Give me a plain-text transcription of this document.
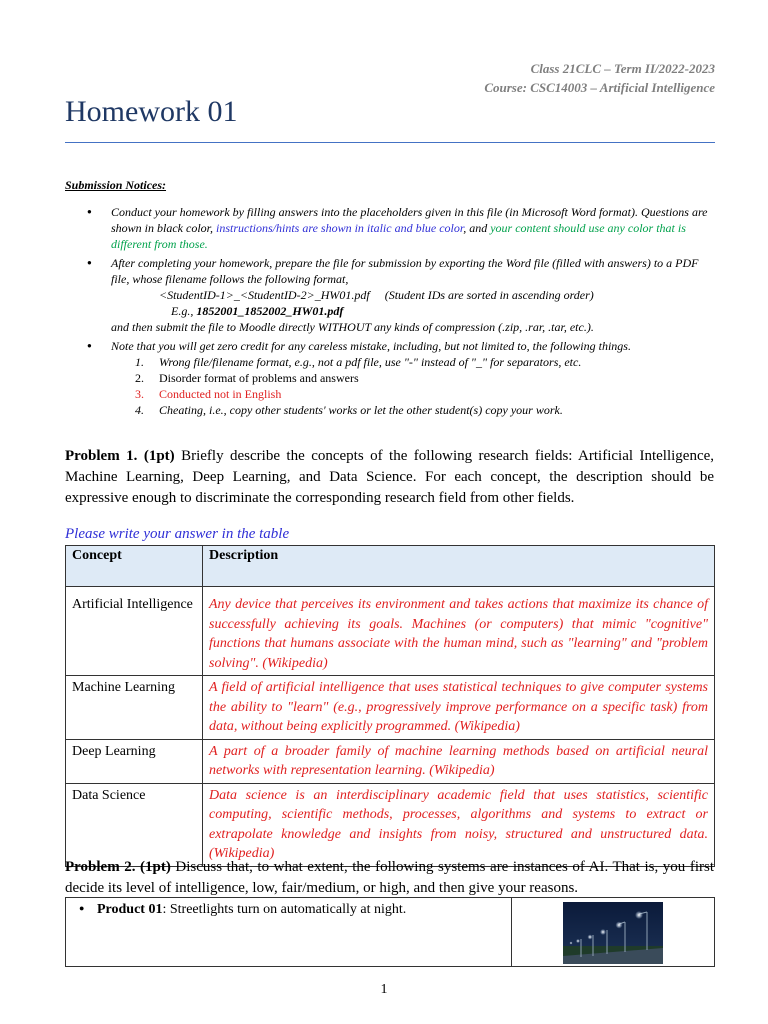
Class 21CLC – Term II/2022-2023
Course: CSC14003 – Artificial Intelligence
Homework 01
Submission Notices:
● Conduct your homework by filling answers into the placeholders given in this file (in Microsoft Word format). Questions are shown in black color, instructions/hints are shown in italic and blue color, and your content should use any color that is different from those.
● After completing your homework, prepare the file for submission by exporting the Word file (filled with answers) to a PDF file, whose filename follows the following format,
<StudentID-1>_<StudentID-2>_HW01.pdf (Student IDs are sorted in ascending order)
E.g., 1852001_1852002_HW01.pdf
and then submit the file to Moodle directly WITHOUT any kinds of compression (.zip, .rar, .tar, etc.).
● Note that you will get zero credit for any careless mistake, including, but not limited to, the following things.
1. Wrong file/filename format, e.g., not a pdf file, use "-" instead of "_" for separators, etc.
2. Disorder format of problems and answers
3. Conducted not in English
4. Cheating, i.e., copy other students' works or let the other student(s) copy your work.
Problem 1. (1pt) Briefly describe the concepts of the following research fields: Artificial Intelligence, Machine Learning, Deep Learning, and Data Science. For each concept, the description should be expressive enough to discriminate the corresponding research field from other fields.
Please write your answer in the table
Concept	Description
Artificial Intelligence	Any device that perceives its environment and takes actions that maximize its chance of successfully achieving its goals. Machines (or computers) that mimic "cognitive" functions that humans associate with the human mind, such as "learning" and "problem solving". (Wikipedia)
Machine Learning	A field of artificial intelligence that uses statistical techniques to give computer systems the ability to "learn" (e.g., progressively improve performance on a specific task) from data, without being explicitly programmed. (Wikipedia)
Deep Learning	A part of a broader family of machine learning methods based on artificial neural networks with representation learning. (Wikipedia)
Data Science	Data science is an interdisciplinary academic field that uses statistics, scientific computing, scientific methods, processes, algorithms and systems to extract or extrapolate knowledge and insights from noisy, structured and unstructured data. (Wikipedia)
Problem 2. (1pt) Discuss that, to what extent, the following systems are instances of AI. That is, you first decide its level of intelligence, low, fair/medium, or high, and then give your reasons.
● Product 01: Streetlights turn on automatically at night.

1
